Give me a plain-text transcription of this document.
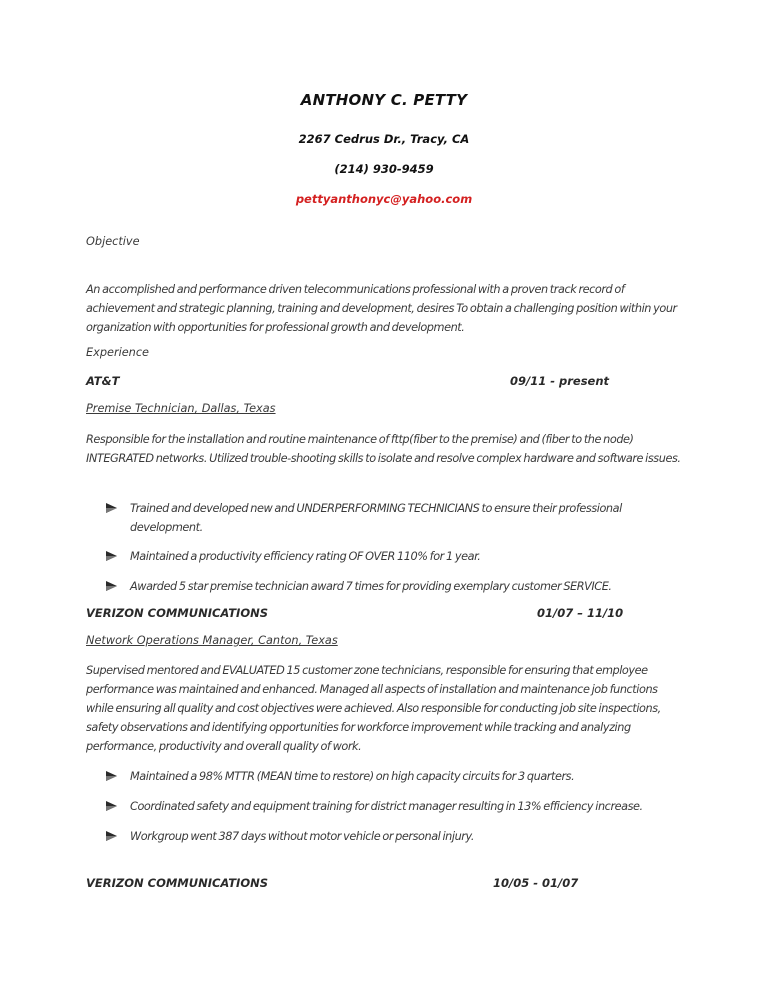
ANTHONY C. PETTY
2267 Cedrus Dr., Tracy, CA
(214) 930-9459
pettyanthonyc@yahoo.com
Objective
An accomplished and performance driven telecommunications professional with a proven track record of achievement and strategic planning, training and development, desires To obtain a challenging position within your organization with opportunities for professional growth and development.
Experience
AT&T	09/11 - present
Premise Technician, Dallas, Texas
Responsible for the installation and routine maintenance of fttp(fiber to the premise) and (fiber to the node) INTEGRATED networks. Utilized trouble-shooting skills to isolate and resolve complex hardware and software issues.
Trained and developed new and UNDERPERFORMING TECHNICIANS to ensure their professional development.
Maintained a productivity efficiency rating OF OVER 110% for 1 year.
Awarded 5 star premise technician award 7 times for providing exemplary customer SERVICE.
VERIZON COMMUNICATIONS	01/07 – 11/10
Network Operations Manager, Canton, Texas
Supervised mentored and EVALUATED 15 customer zone technicians, responsible for ensuring that employee performance was maintained and enhanced. Managed all aspects of installation and maintenance job functions while ensuring all quality and cost objectives were achieved. Also responsible for conducting job site inspections, safety observations and identifying opportunities for workforce improvement while tracking and analyzing performance, productivity and overall quality of work.
Maintained a 98% MTTR (MEAN time to restore) on high capacity circuits for 3 quarters.
Coordinated safety and equipment training for district manager resulting in 13% efficiency increase.
Workgroup went 387 days without motor vehicle or personal injury.
VERIZON COMMUNICATIONS	10/05 - 01/07
